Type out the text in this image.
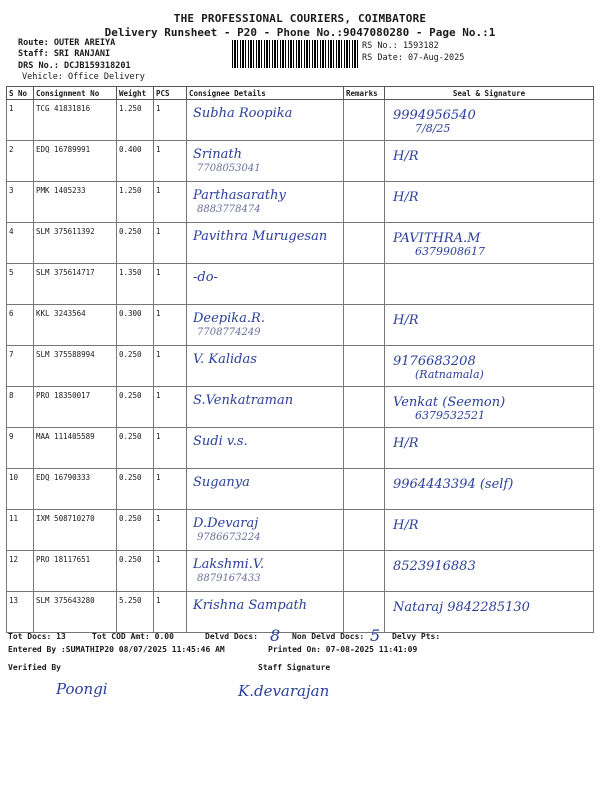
THE PROFESSIONAL COURIERS, COIMBATORE
Delivery Runsheet - P20 - Phone No.:9047080280 - Page No.:1
Route: OUTER AREIYA
Staff: SRI RANJANI
DRS No.: DCJB159318201
Vehicle: Office Delivery
RS No.: 1593182
RS Date: 07-Aug-2025
S No	Consignment No	Weight	PCS	Consignee Details	Remarks	Seal & Signature
1	TCG 41831816	1.250	1	Subha Roopika		9994956540
7/8/25

2	EDQ 16789991	0.400	1	Srinath
7708053041		H/R

3	PMK 1405233	1.250	1	Parthasarathy
8883778474		H/R

4	SLM 375611392	0.250	1	Pavithra Murugesan		PAVITHRA.M
6379908617

5	SLM 375614717	1.350	1	-do-		

6	KKL 3243564	0.300	1	Deepika.R.
7708774249		H/R

7	SLM 375588994	0.250	1	V. Kalidas		9176683208
(Ratnamala)

8	PRO 18350017	0.250	1	S.Venkatraman		Venkat (Seemon)
6379532521

9	MAA 111405589	0.250	1	Sudi v.s.		H/R

10	EDQ 16790333	0.250	1	Suganya		9964443394 (self)

11	IXM 508710270	0.250	1	D.Devaraj
9786673224		H/R

12	PRO 18117651	0.250	1	Lakshmi.V.
8879167433		8523916883

13	SLM 375643280	5.250	1	Krishna Sampath		Nataraj 9842285130
Tot Docs: 13	Tot COD Amt: 0.00	Delvd Docs: 8 Non Delvd Docs: 5 Delvy Pts:
Entered By :SUMATHIP20 08/07/2025 11:45:46 AM	Printed On: 07-08-2025 11:41:09
Verified By	Staff Signature
Poongi	K.devarajan
